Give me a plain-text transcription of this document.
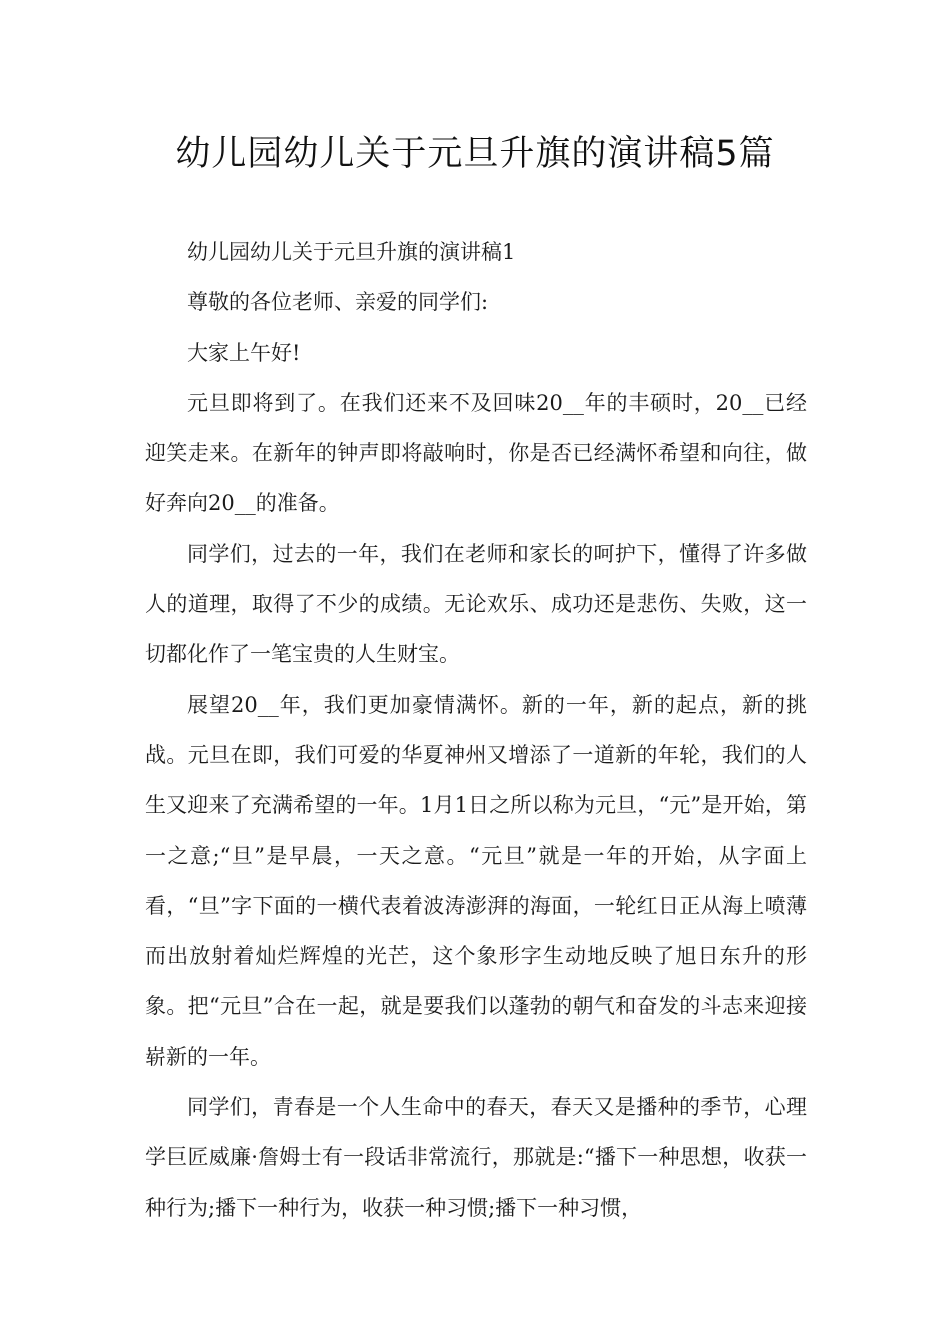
幼儿园幼儿关于元旦升旗的演讲稿5篇

幼儿园幼儿关于元旦升旗的演讲稿1

尊敬的各位老师、亲爱的同学们:

大家上午好!

元旦即将到了。在我们还来不及回味20__年的丰硕时，20__已经迎笑走来。在新年的钟声即将敲响时，你是否已经满怀希望和向往，做好奔向20__的准备。

同学们，过去的一年，我们在老师和家长的呵护下，懂得了许多做人的道理，取得了不少的成绩。无论欢乐、成功还是悲伤、失败，这一切都化作了一笔宝贵的人生财宝。

展望20__年，我们更加豪情满怀。新的一年，新的起点，新的挑战。元旦在即，我们可爱的华夏神州又增添了一道新的年轮，我们的人生又迎来了充满希望的一年。1月1日之所以称为元旦，“元”是开始，第一之意;“旦”是早晨，一天之意。“元旦”就是一年的开始，从字面上看，“旦”字下面的一横代表着波涛澎湃的海面，一轮红日正从海上喷薄而出放射着灿烂辉煌的光芒，这个象形字生动地反映了旭日东升的形象。把“元旦”合在一起，就是要我们以蓬勃的朝气和奋发的斗志来迎接崭新的一年。

同学们，青春是一个人生命中的春天，春天又是播种的季节，心理学巨匠威廉·詹姆士有一段话非常流行，那就是:“播下一种思想，收获一种行为;播下一种行为，收获一种习惯;播下一种习惯，
